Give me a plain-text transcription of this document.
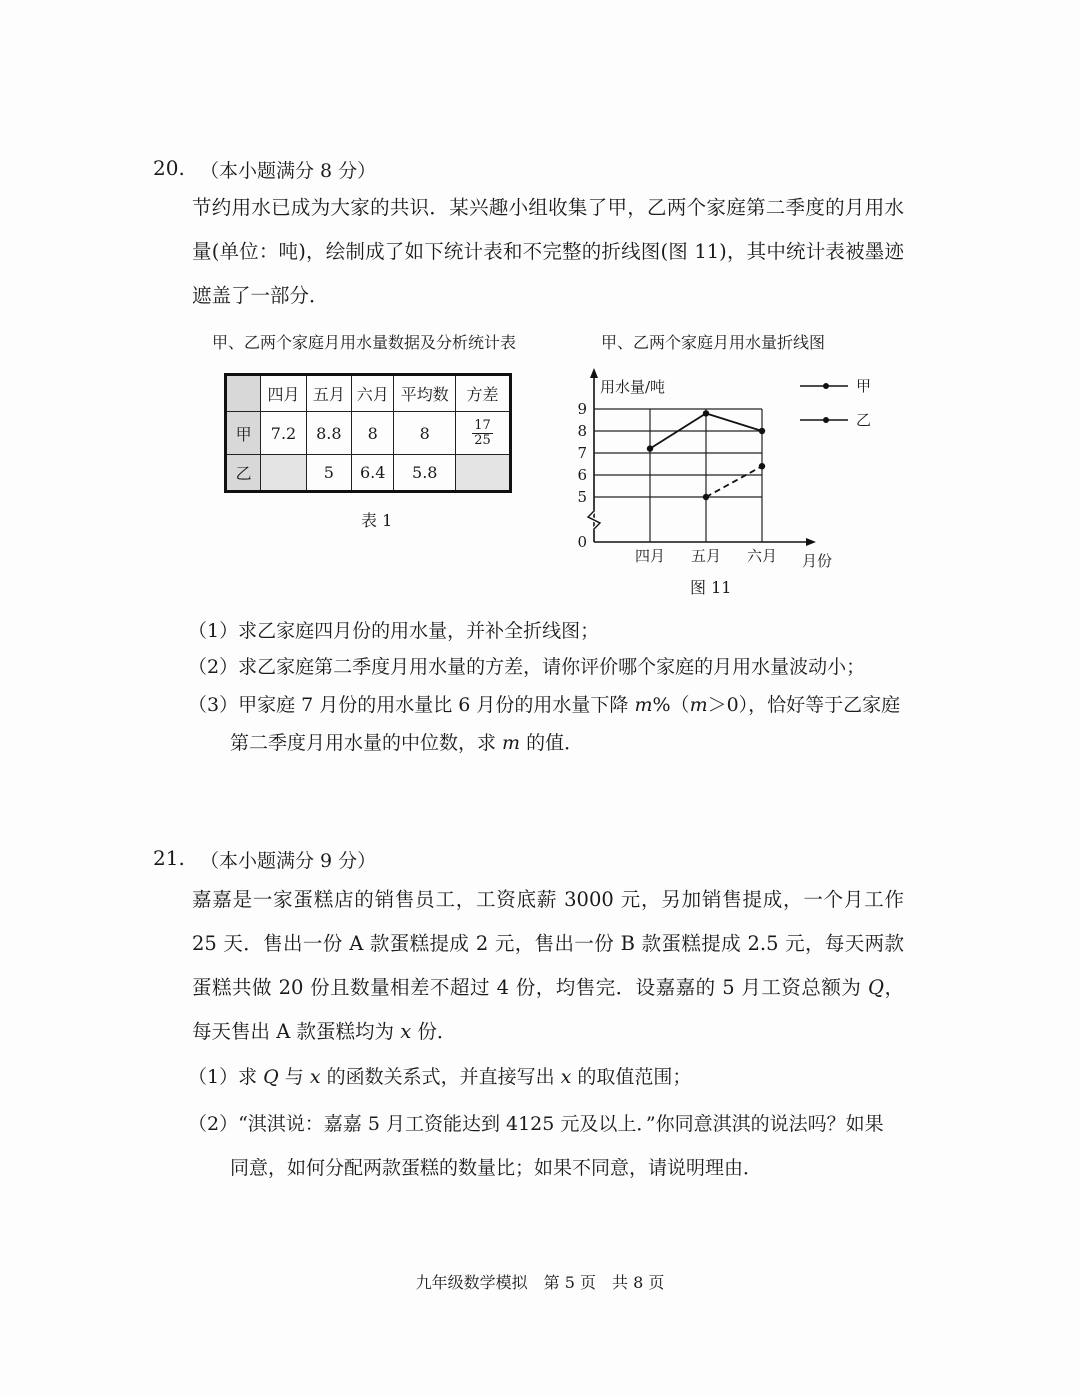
20. （本小题满分 8 分）
节约用水已成为大家的共识．某兴趣小组收集了甲，乙两个家庭第二季度的月用水量(单位：吨)，绘制成了如下统计表和不完整的折线图(图 11)，其中统计表被墨迹遮盖了一部分．
甲、乙两个家庭月用水量数据及分析统计表	甲、乙两个家庭月用水量折线图
	四月	五月	六月	平均数	方差
甲	7.2	8.8	8	8	$\frac{17}{25}$

乙		5	6.4	5.8	
表 1
0
5
6
7
8
9
四月 五月 六月
用水量/吨
月份
甲
乙
图 11
（1）求乙家庭四月份的用水量，并补全折线图；
（2）求乙家庭第二季度月用水量的方差，请你评价哪个家庭的月用水量波动小；
（3）甲家庭 7 月份的用水量比 6 月份的用水量下降 m%（m＞0），恰好等于乙家庭
第二季度月用水量的中位数，求 m 的值．
21. （本小题满分 9 分）
嘉嘉是一家蛋糕店的销售员工，工资底薪 3000 元，另加销售提成，一个月工作 25 天．售出一份 A 款蛋糕提成 2 元，售出一份 B 款蛋糕提成 2.5 元，每天两款蛋糕共做 20 份且数量相差不超过 4 份，均售完．设嘉嘉的 5 月工资总额为 Q，每天售出 A 款蛋糕均为 x 份．
（1）求 Q 与 x 的函数关系式，并直接写出 x 的取值范围；
（2）“淇淇说：嘉嘉 5 月工资能达到 4125 元及以上．”你同意淇淇的说法吗？如果
同意，如何分配两款蛋糕的数量比；如果不同意，请说明理由．
九年级数学模拟　第 5 页　共 8 页
